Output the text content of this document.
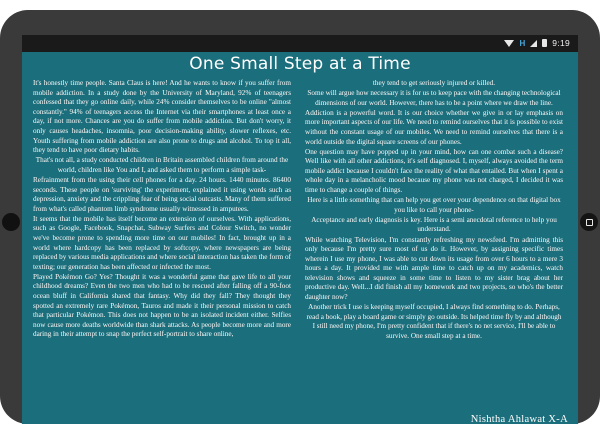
H	9:19
One Small Step at a Time

It's honestly time people. Santa Claus is here! And he wants to know if you suffer from mobile addiction. In a study done by the University of Maryland, 92% of teenagers confessed that they go online daily, while 24% consider themselves to be online "almost constantly." 94% of teenagers access the Internet via their smartphones at least once a day, if not more. Chances are you do suffer from mobile addiction. But don't worry, it only causes headaches, insomnia, poor decision-making ability, slower reflexes, etc. Youth suffering from mobile addiction are also prone to drugs and alcohol. To top it all, they tend to have poor dietary habits.

That's not all, a study conducted children in Britain assembled children from around the world, children like You and I, and asked them to perform a simple task-

Refrainment from the using their cell phones for a day. 24 hours. 1440 minutes. 86400 seconds. These people on 'surviving' the experiment, explained it using words such as depression, anxiety and the crippling fear of being social outcasts. Many of them suffered from what's called phantom limb syndrome usually witnessed in amputees.

It seems that the mobile has itself become an extension of ourselves. With applications, such as Google, Facebook, Snapchat, Subway Surfers and Colour Switch, no wonder we've become prone to spending more time on our mobiles! In fact, brought up in a world where hardcopy has been replaced by softcopy, where newspapers are being replaced by various media applications and where social interaction has taken the form of texting; our generation has been affected or infected the most.

Played Pokémon Go? Yes? Thought it was a wonderful game that gave life to all your childhood dreams? Even the two men who had to be rescued after falling off a 90-foot ocean bluff in California shared that fantasy. Why did they fall? They thought they spotted an extremely rare Pokémon, Tauros and made it their personal mission to catch that particular Pokémon. This does not happen to be an isolated incident either. Selfies now cause more deaths worldwide than shark attacks. As people become more and more daring in their attempt to snap the perfect self-portrait to share online,

they tend to get seriously injured or killed.

Some will argue how necessary it is for us to keep pace with the changing technological dimensions of our world. However, there has to be a point where we draw the line.

Addiction is a powerful word. It is our choice whether we give in or lay emphasis on more important aspects of our life. We need to remind ourselves that it is possible to exist without the constant usage of our mobiles. We need to remind ourselves that there is a world outside the digital square screens of our phones.

One question may have popped up in your mind, how can one combat such a disease? Well like with all other addictions, it's self diagnosed. I, myself, always avoided the term mobile addict because I couldn't face the reality of what that entailed. But when I spent a whole day in a melancholic mood because my phone was not charged, I decided it was time to change a couple of things.

Here is a little something that can help you get over your dependence on that digital box you like to call your phone-

Acceptance and early diagnosis is key. Here is a semi anecdotal reference to help you understand.

While watching Television, I'm constantly refreshing my newsfeed. I'm admitting this only because I'm pretty sure most of us do it. However, by assigning specific times wherein I use my phone, I was able to cut down its usage from over 6 hours to a mere 3 hours a day. It provided me with ample time to catch up on my academics, watch television shows and squeeze in some time to listen to my sister brag about her productive day. Well...I did finish all my homework and two projects, so who's the better daughter now?

Another trick I use is keeping myself occupied, I always find something to do. Perhaps, read a book, play a board game or simply go outside. Its helped time fly by and although I still need my phone, I'm pretty confident that if there's no net service, I'll be able to survive. One small step at a time.

Nishtha Ahlawat X-A
